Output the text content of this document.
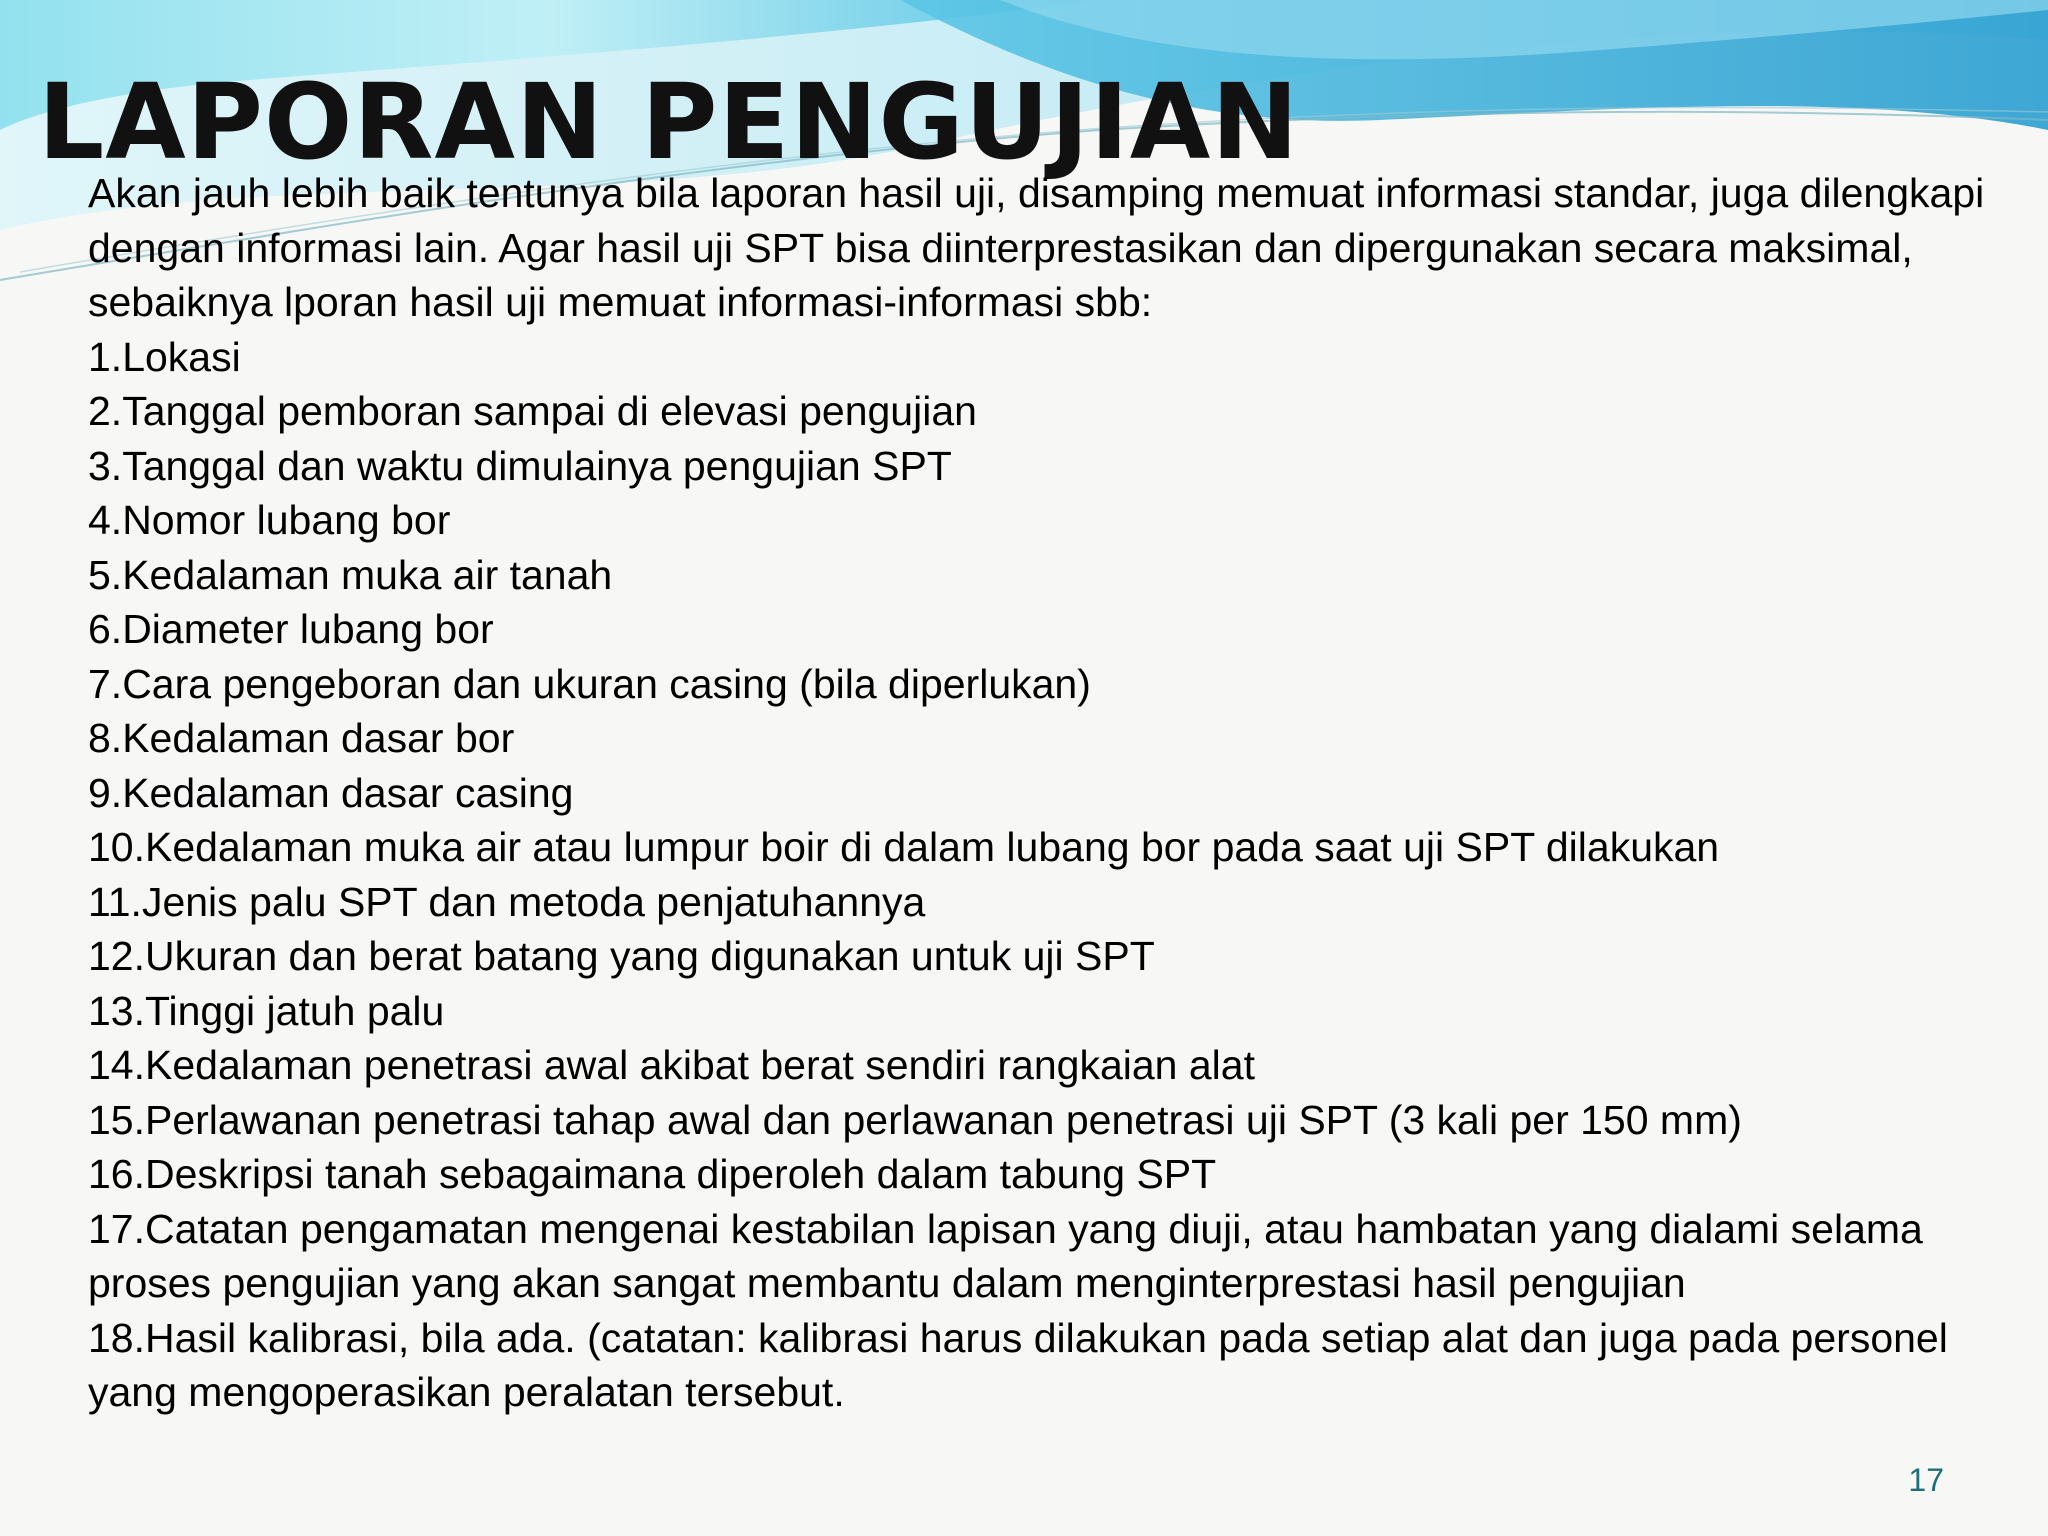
LAPORAN PENGUJIAN

Akan jauh lebih baik tentunya bila laporan hasil uji, disamping memuat informasi standar, juga dilengkapi dengan informasi lain. Agar hasil uji SPT bisa diinterprestasikan dan dipergunakan secara maksimal, sebaiknya lporan hasil uji memuat informasi-informasi sbb:

1.Lokasi
2.Tanggal pemboran sampai di elevasi pengujian
3.Tanggal dan waktu dimulainya pengujian SPT
4.Nomor lubang bor
5.Kedalaman muka air tanah
6.Diameter lubang bor
7.Cara pengeboran dan ukuran casing (bila diperlukan)
8.Kedalaman dasar bor
9.Kedalaman dasar casing
10.Kedalaman muka air atau lumpur boir di dalam lubang bor pada saat uji SPT dilakukan
11.Jenis palu SPT dan metoda penjatuhannya
12.Ukuran dan berat batang yang digunakan untuk uji SPT
13.Tinggi jatuh palu
14.Kedalaman penetrasi awal akibat berat sendiri rangkaian alat
15.Perlawanan penetrasi tahap awal dan perlawanan penetrasi uji SPT (3 kali per 150 mm)
16.Deskripsi tanah sebagaimana diperoleh dalam tabung SPT
17.Catatan pengamatan mengenai kestabilan lapisan yang diuji, atau hambatan yang dialami selama proses pengujian yang akan sangat membantu dalam menginterprestasi hasil pengujian
18.Hasil kalibrasi, bila ada. (catatan: kalibrasi harus dilakukan pada setiap alat dan juga pada personel yang mengoperasikan peralatan tersebut.
17
